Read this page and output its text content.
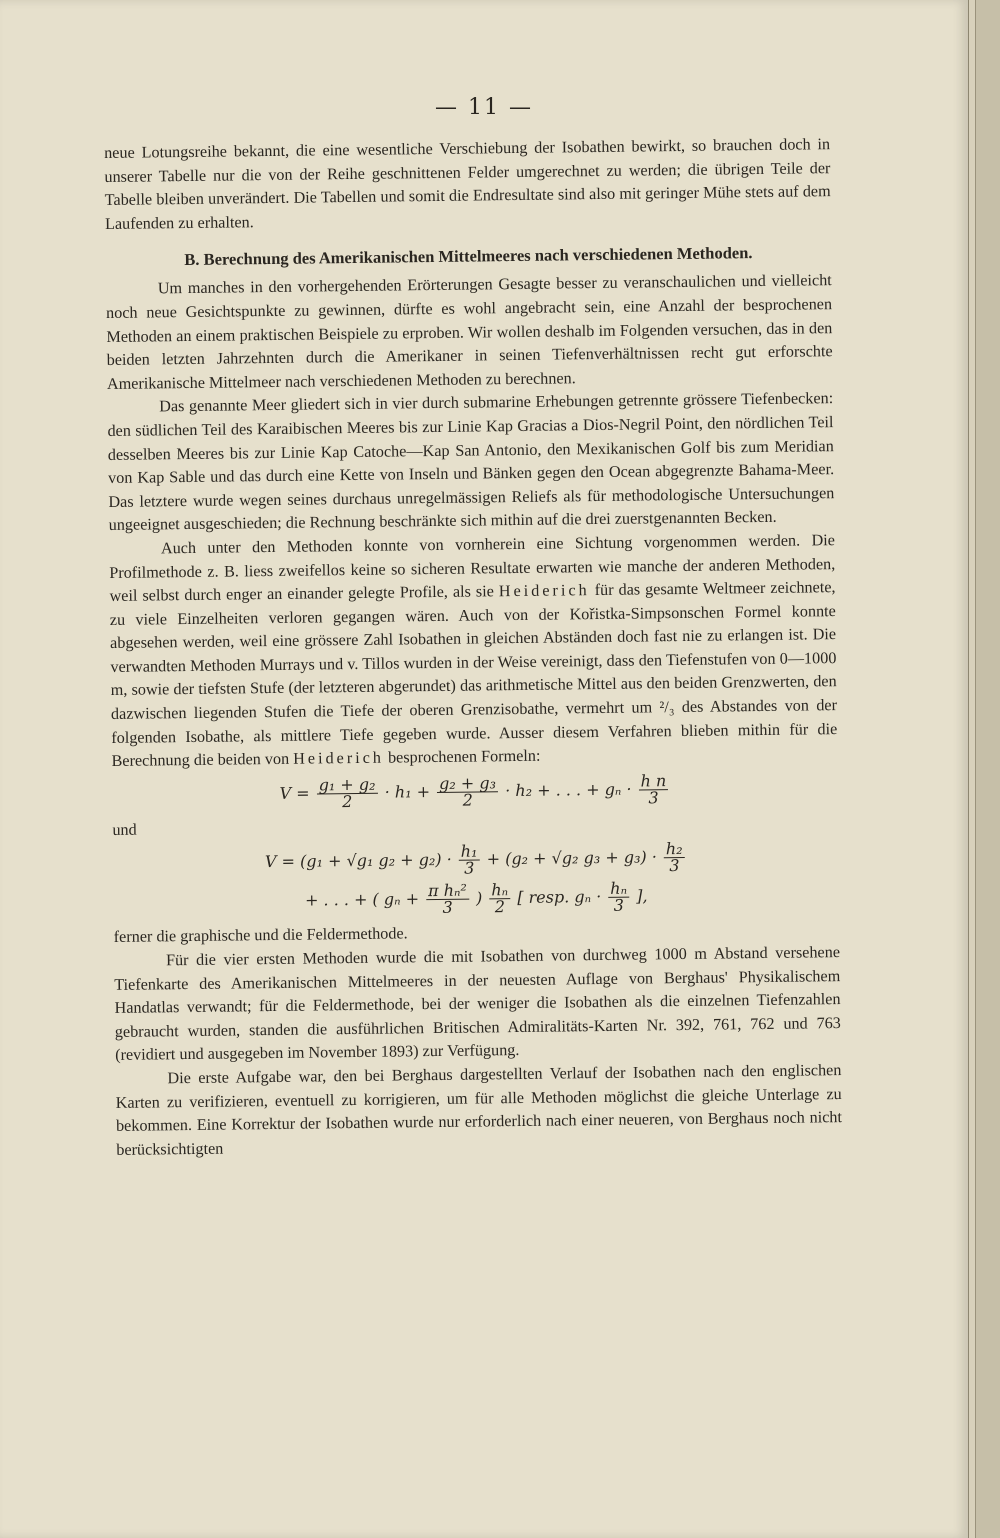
— 11 —

neue Lotungsreihe bekannt, die eine wesentliche Verschiebung der Isobathen bewirkt, so brauchen doch in unserer Tabelle nur die von der Reihe geschnittenen Felder umgerechnet zu werden; die übrigen Teile der Tabelle bleiben unverändert. Die Tabellen und somit die Endresultate sind also mit geringer Mühe stets auf dem Laufenden zu erhalten.

B. Berechnung des Amerikanischen Mittelmeeres nach verschiedenen Methoden.

Um manches in den vorhergehenden Erörterungen Gesagte besser zu veranschaulichen und vielleicht noch neue Gesichtspunkte zu gewinnen, dürfte es wohl angebracht sein, eine Anzahl der besprochenen Methoden an einem praktischen Beispiele zu erproben. Wir wollen deshalb im Folgenden versuchen, das in den beiden letzten Jahrzehnten durch die Amerikaner in seinen Tiefenverhältnissen recht gut erforschte Amerikanische Mittelmeer nach verschiedenen Methoden zu berechnen.

Das genannte Meer gliedert sich in vier durch submarine Erhebungen getrennte grössere Tiefenbecken: den südlichen Teil des Karaibischen Meeres bis zur Linie Kap Gracias a Dios-Negril Point, den nördlichen Teil desselben Meeres bis zur Linie Kap Catoche—Kap San Antonio, den Mexikanischen Golf bis zum Meridian von Kap Sable und das durch eine Kette von Inseln und Bänken gegen den Ocean abgegrenzte Bahama-Meer. Das letztere wurde wegen seines durchaus unregelmässigen Reliefs als für methodologische Untersuchungen ungeeignet ausgeschieden; die Rechnung beschränkte sich mithin auf die drei zuerstgenannten Becken.

Auch unter den Methoden konnte von vornherein eine Sichtung vorgenommen werden. Die Profilmethode z. B. liess zweifellos keine so sicheren Resultate erwarten wie manche der anderen Methoden, weil selbst durch enger an einander gelegte Profile, als sie Heiderich für das gesamte Weltmeer zeichnete, zu viele Einzelheiten verloren gegangen wären. Auch von der Kořistka-Simpsonschen Formel konnte abgesehen werden, weil eine grössere Zahl Isobathen in gleichen Abständen doch fast nie zu erlangen ist. Die verwandten Methoden Murrays und v. Tillos wurden in der Weise vereinigt, dass den Tiefenstufen von 0—1000 m, sowie der tiefsten Stufe (der letzteren abgerundet) das arithmetische Mittel aus den beiden Grenzwerten, den dazwischen liegenden Stufen die Tiefe der oberen Grenzisobathe, vermehrt um ²/₃ des Abstandes von der folgenden Isobathe, als mittlere Tiefe gegeben wurde. Ausser diesem Verfahren blieben mithin für die Berechnung die beiden von Heiderich besprochenen Formeln:

$V = \frac{\text{g₁ + g₂}}{2} \cdot h_1 + \frac{\text{g₂ + g₃}}{2} \cdot h_2$ + . . . + $g_n \cdot \frac{\text{h n}}{3}$

und

V = (g₁ + √g₁ $g_2 + g_2) \cdot \frac{\text{h₁}}{3} + (g_2 + √g_2$ $g_3 + g_3) \cdot \frac{\text{h₂}}{3}$
+ . . . + ( $g_n + \frac{\text{π hₙ²}}{3}$ ) $\frac{\text{hₙ}}{2}$ [ resp. $g_n \cdot \frac{\text{hₙ}}{3}$ ],

ferner die graphische und die Feldermethode.

Für die vier ersten Methoden wurde die mit Isobathen von durchweg 1000 m Abstand versehene Tiefenkarte des Amerikanischen Mittelmeeres in der neuesten Auflage von Berghaus' Physikalischem Handatlas verwandt; für die Feldermethode, bei der weniger die Isobathen als die einzelnen Tiefenzahlen gebraucht wurden, standen die ausführlichen Britischen Admiralitäts-Karten Nr. 392, 761, 762 und 763 (revidiert und ausgegeben im November 1893) zur Verfügung.

Die erste Aufgabe war, den bei Berghaus dargestellten Verlauf der Isobathen nach den englischen Karten zu verifizieren, eventuell zu korrigieren, um für alle Methoden möglichst die gleiche Unterlage zu bekommen. Eine Korrektur der Isobathen wurde nur erforderlich nach einer neueren, von Berghaus noch nicht berücksichtigten
